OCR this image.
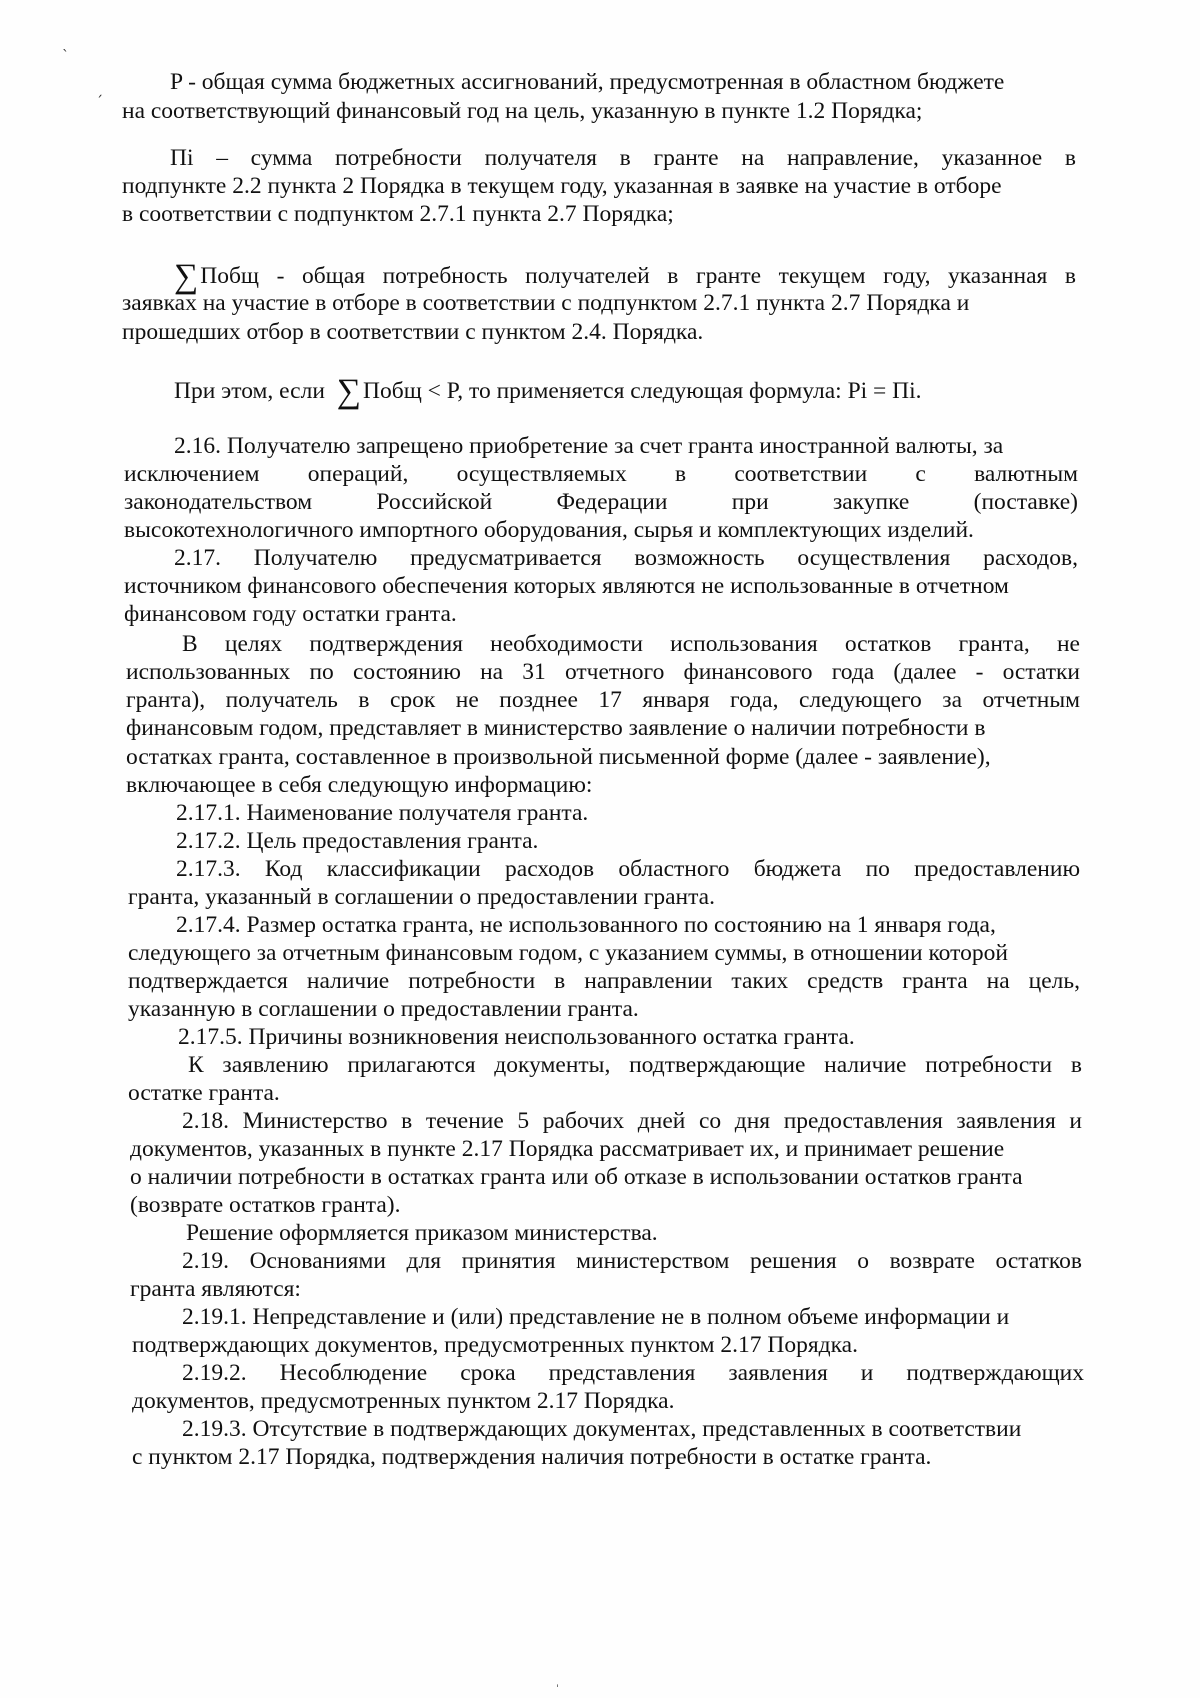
ˎ
ˏ	P - общая сумма бюджетных ассигнований, предусмотренная в областном бюджете
на соответствующий финансовый год на цель, указанную в пункте 1.2 Порядка;
Пi – сумма потребности получателя в гранте на направление, указанное в
подпункте 2.2 пункта 2 Порядка в текущем году, указанная в заявке на участие в отборе
в соответствии с подпунктом 2.7.1 пункта 2.7 Порядка;
∑ Побщ - общая потребность получателей в гранте текущем году, указанная в
заявках на участие в отборе в соответствии с подпунктом 2.7.1 пункта 2.7 Порядка и
прошедших отбор в соответствии с пунктом 2.4. Порядка.
При этом, если ∑Побщ < P, то применяется следующая формула: Pi = Пi.
2.16. Получателю запрещено приобретение за счет гранта иностранной валюты, за
исключением операций, осуществляемых в соответствии с валютным
законодательством Российской Федерации при закупке (поставке)
высокотехнологичного импортного оборудования, сырья и комплектующих изделий.
2.17. Получателю предусматривается возможность осуществления расходов,
источником финансового обеспечения которых являются не использованные в отчетном
финансовом году остатки гранта.
В целях подтверждения необходимости использования остатков гранта, не
использованных по состоянию на 31 отчетного финансового года (далее - остатки
гранта), получатель в срок не позднее 17 января года, следующего за отчетным
финансовым годом, представляет в министерство заявление о наличии потребности в
остатках гранта, составленное в произвольной письменной форме (далее - заявление),
включающее в себя следующую информацию:
2.17.1. Наименование получателя гранта.
2.17.2. Цель предоставления гранта.
2.17.3. Код классификации расходов областного бюджета по предоставлению
гранта, указанный в соглашении о предоставлении гранта.
2.17.4. Размер остатка гранта, не использованного по состоянию на 1 января года,
следующего за отчетным финансовым годом, с указанием суммы, в отношении которой
подтверждается наличие потребности в направлении таких средств гранта на цель,
указанную в соглашении о предоставлении гранта.
2.17.5. Причины возникновения неиспользованного остатка гранта.
К заявлению прилагаются документы, подтверждающие наличие потребности в
остатке гранта.
2.18. Министерство в течение 5 рабочих дней со дня предоставления заявления и
документов, указанных в пункте 2.17 Порядка рассматривает их, и принимает решение
о наличии потребности в остатках гранта или об отказе в использовании остатков гранта
(возврате остатков гранта).
Решение оформляется приказом министерства.
2.19. Основаниями для принятия министерством решения о возврате остатков
гранта являются:
2.19.1. Непредставление и (или) представление не в полном объеме информации и
подтверждающих документов, предусмотренных пунктом 2.17 Порядка.
2.19.2. Несоблюдение срока представления заявления и подтверждающих
документов, предусмотренных пунктом 2.17 Порядка.
2.19.3. Отсутствие в подтверждающих документах, представленных в соответствии
с пунктом 2.17 Порядка, подтверждения наличия потребности в остатке гранта.
ˈ
